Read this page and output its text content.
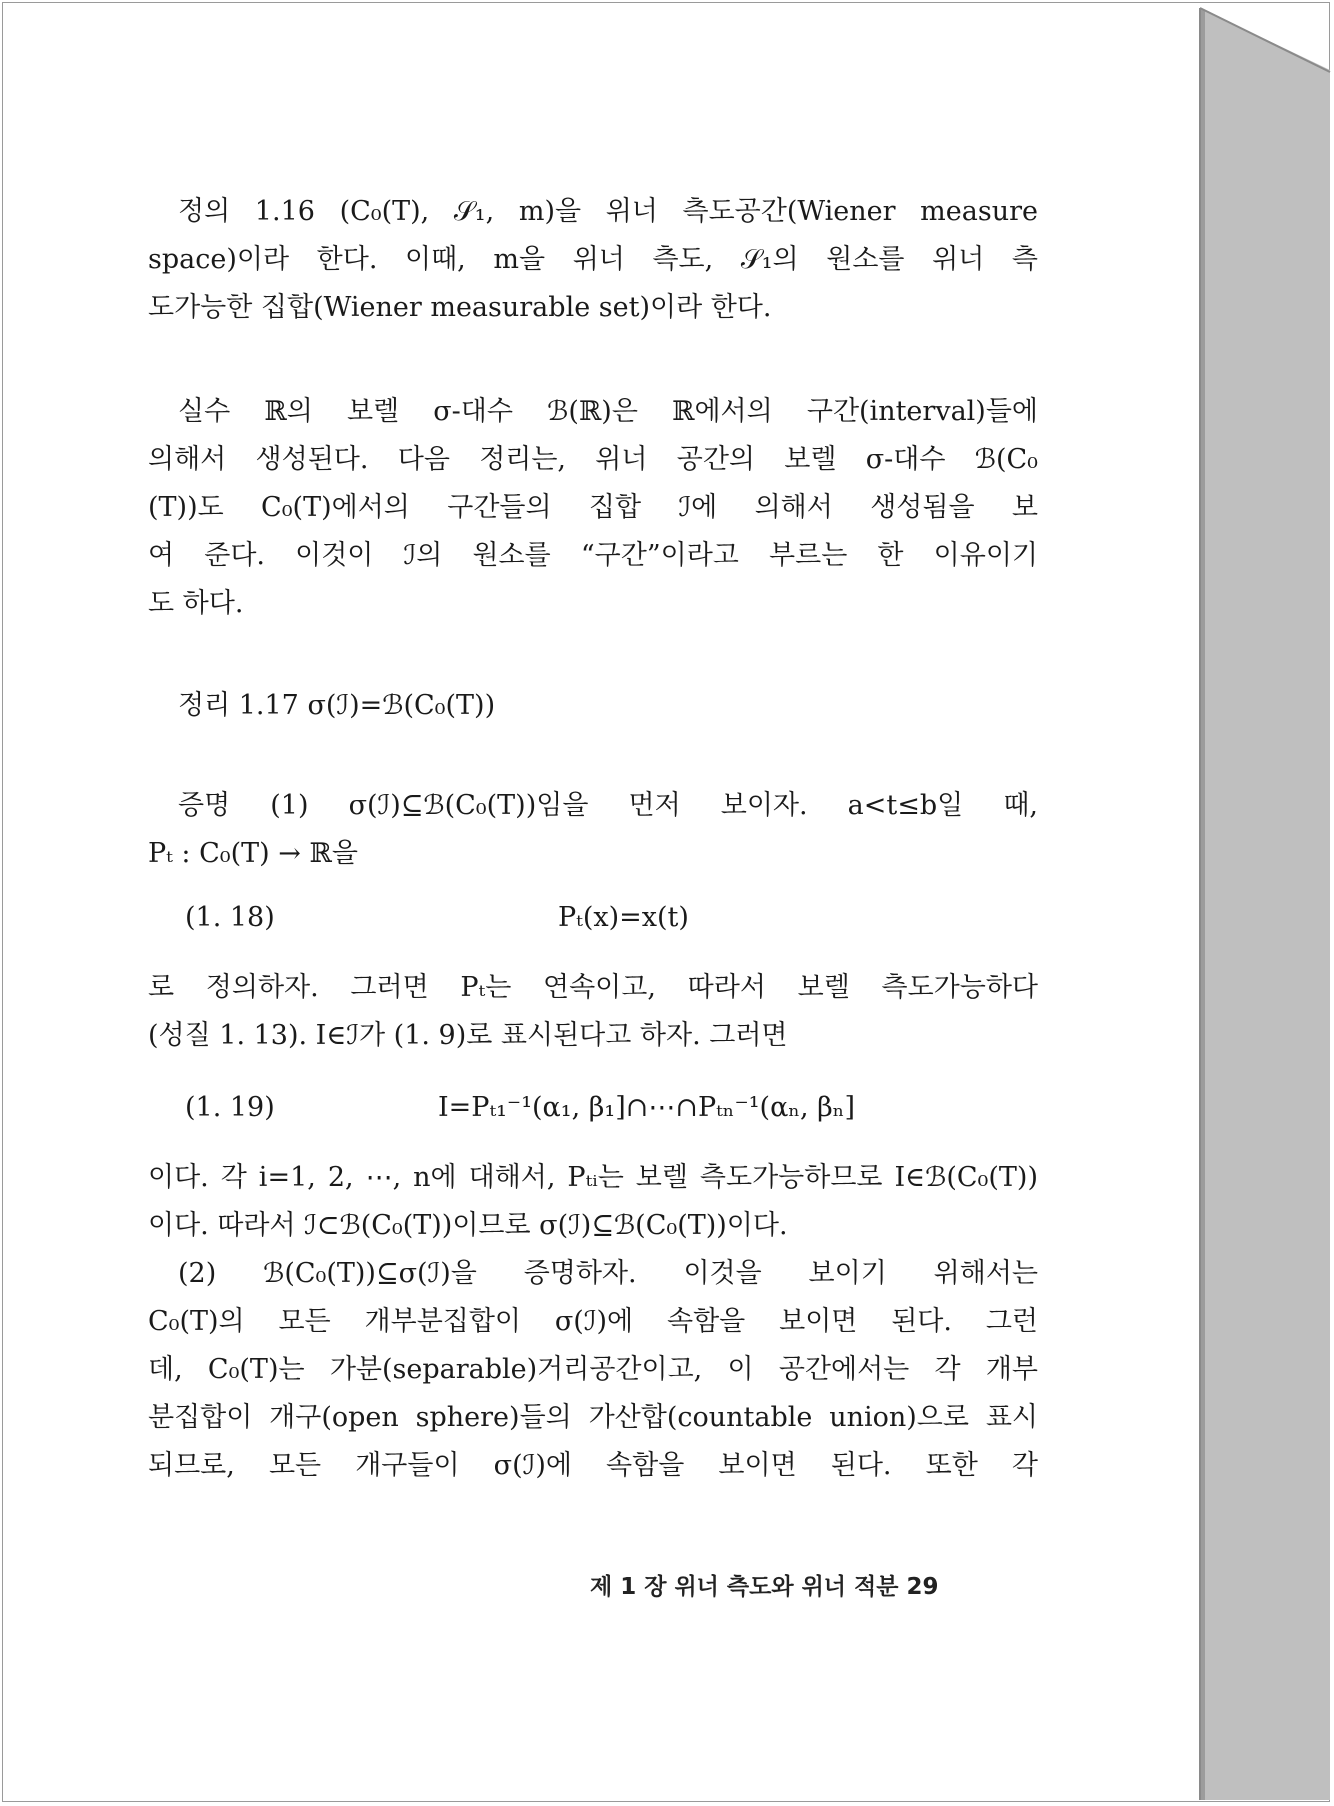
정의 1.16 (C₀(T), 𝒮₁, m)을 위너 측도공간(Wiener measure
space)이라 한다. 이때, m을 위너 측도, 𝒮₁의 원소를 위너 측
도가능한 집합(Wiener measurable set)이라 한다.
실수 ℝ의 보렐 σ-대수 ℬ(ℝ)은 ℝ에서의 구간(interval)들에
의해서 생성된다. 다음 정리는, 위너 공간의 보렐 σ-대수 ℬ(C₀
(T))도 C₀(T)에서의 구간들의 집합 ℐ에 의해서 생성됨을 보
여 준다. 이것이 ℐ의 원소를 “구간”이라고 부르는 한 이유이기
도 하다.
정리 1.17 σ(ℐ)=ℬ(C₀(T))
증명 (1) σ(ℐ)⊆ℬ(C₀(T))임을 먼저 보이자. a<t≤b일 때,
Pₜ : C₀(T) → ℝ을
(1. 18)	Pₜ(x)=x(t)
로 정의하자. 그러면 Pₜ는 연속이고, 따라서 보렐 측도가능하다
(성질 1. 13). I∈ℐ가 (1. 9)로 표시된다고 하자. 그러면
(1. 19)	I=Pₜ₁⁻¹(α₁, β₁]∩⋯∩Pₜₙ⁻¹(αₙ, βₙ]
이다. 각 i=1, 2, ⋯, n에 대해서, Pₜᵢ는 보렐 측도가능하므로 I∈ℬ(C₀(T))
이다. 따라서 ℐ⊂ℬ(C₀(T))이므로 σ(ℐ)⊆ℬ(C₀(T))이다.
(2) ℬ(C₀(T))⊆σ(ℐ)을 증명하자. 이것을 보이기 위해서는
C₀(T)의 모든 개부분집합이 σ(ℐ)에 속함을 보이면 된다. 그런
데, C₀(T)는 가분(separable)거리공간이고, 이 공간에서는 각 개부
분집합이 개구(open sphere)들의 가산합(countable union)으로 표시
되므로, 모든 개구들이 σ(ℐ)에 속함을 보이면 된다. 또한 각
제 1 장 위너 측도와 위너 적분 29
